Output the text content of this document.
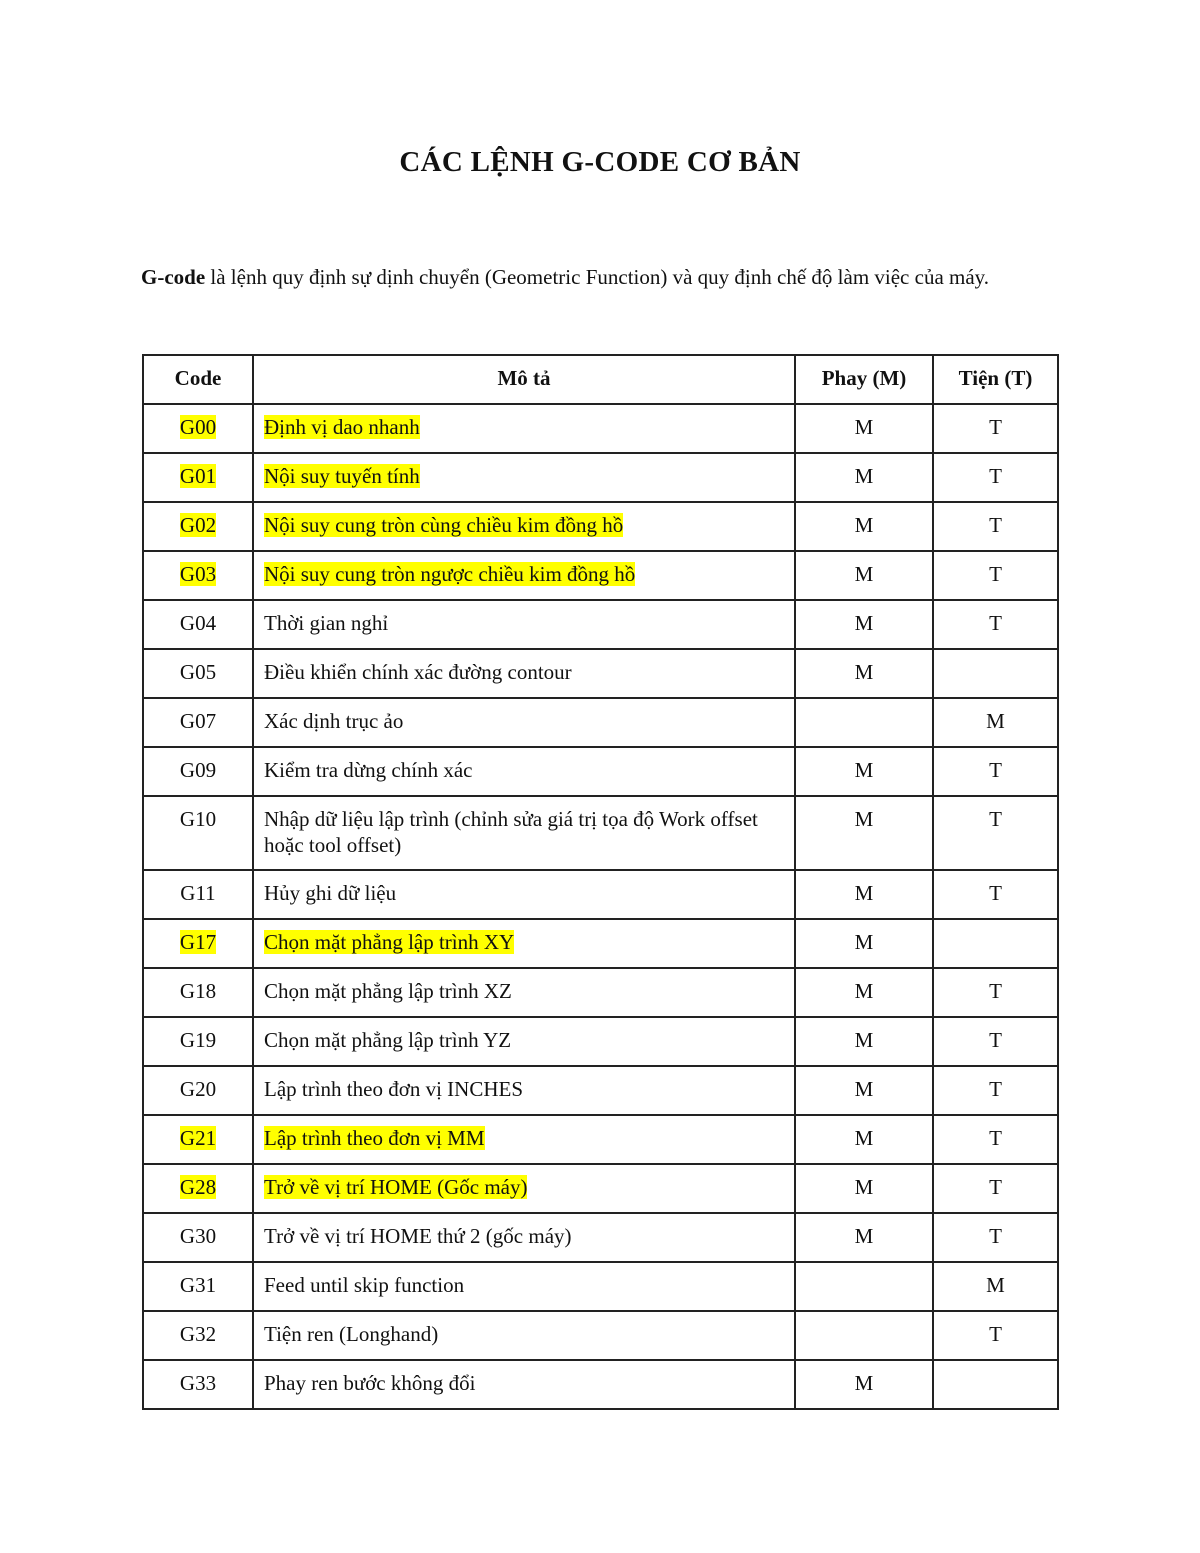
CÁC LỆNH G-CODE CƠ BẢN
G-code là lệnh quy định sự dịnh chuyển (Geometric Function) và quy định chế độ làm việc của máy.
Code	Mô tả	Phay (M)	Tiện (T)
G00	Định vị dao nhanh	M	T
G01	Nội suy tuyến tính	M	T
G02	Nội suy cung tròn cùng chiều kim đồng hồ	M	T
G03	Nội suy cung tròn ngược chiều kim đồng hồ	M	T
G04	Thời gian nghỉ	M	T
G05	Điều khiển chính xác đường contour	M	
G07	Xác dịnh trục ảo		M
G09	Kiểm tra dừng chính xác	M	T
G10	Nhập dữ liệu lập trình (chỉnh sửa giá trị tọa độ Work offset hoặc tool offset)	M	T
G11	Hủy ghi dữ liệu	M	T
G17	Chọn mặt phẳng lập trình XY	M	
G18	Chọn mặt phẳng lập trình XZ	M	T
G19	Chọn mặt phẳng lập trình YZ	M	T
G20	Lập trình theo đơn vị INCHES	M	T
G21	Lập trình theo đơn vị MM	M	T
G28	Trở về vị trí HOME (Gốc máy)	M	T
G30	Trở về vị trí HOME thứ 2 (gốc máy)	M	T
G31	Feed until skip function		M
G32	Tiện ren (Longhand)		T
G33	Phay ren bước không đổi	M	
